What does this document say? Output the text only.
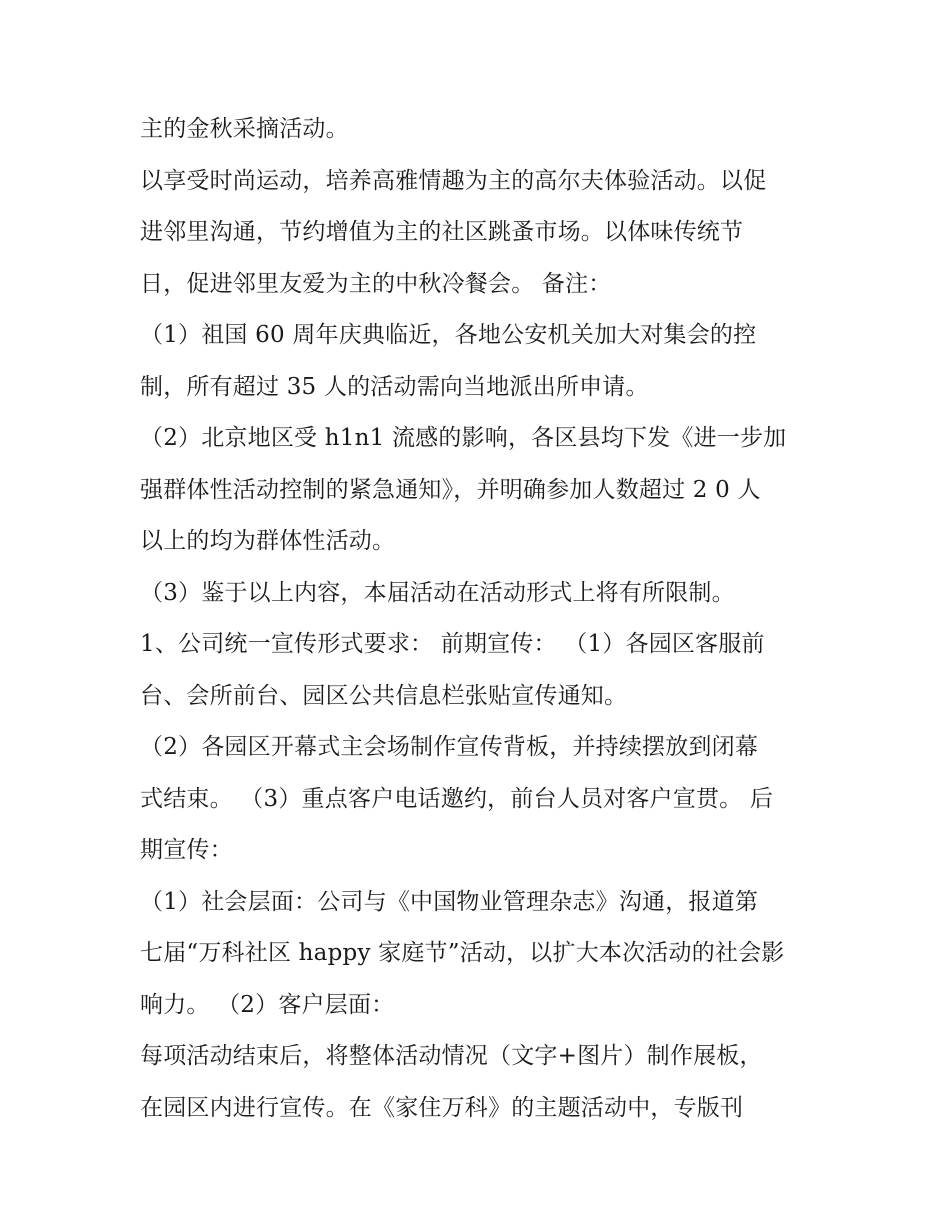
主的金秋采摘活动。
以享受时尚运动，培养高雅情趣为主的高尔夫体验活动。以促
进邻里沟通，节约增值为主的社区跳蚤市场。以体味传统节
日，促进邻里友爱为主的中秋冷餐会。 备注：
（1）祖国 60 周年庆典临近，各地公安机关加大对集会的控
制，所有超过 35 人的活动需向当地派出所申请。
（2）北京地区受 h1n1 流感的影响，各区县均下发《进一步加
强群体性活动控制的紧急通知》，并明确参加人数超过 2 0 人
以上的均为群体性活动。
（3）鉴于以上内容，本届活动在活动形式上将有所限制。
1、公司统一宣传形式要求： 前期宣传： （1）各园区客服前
台、会所前台、园区公共信息栏张贴宣传通知。
（2）各园区开幕式主会场制作宣传背板，并持续摆放到闭幕
式结束。 （3）重点客户电话邀约，前台人员对客户宣贯。 后
期宣传：
（1）社会层面：公司与《中国物业管理杂志》沟通，报道第
七届“万科社区 happy 家庭节”活动，以扩大本次活动的社会影
响力。 （2）客户层面：
每项活动结束后，将整体活动情况（文字+图片）制作展板，
在园区内进行宣传。在《家住万科》的主题活动中，专版刊
